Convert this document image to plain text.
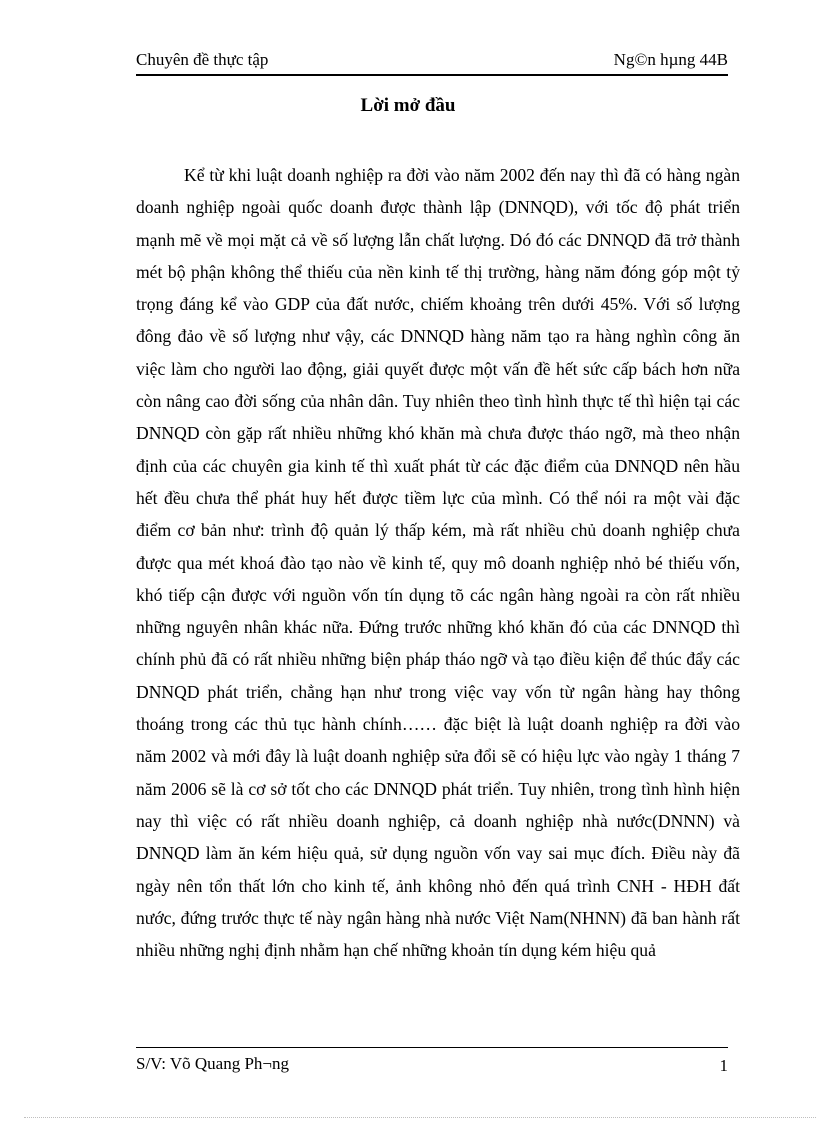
Chuyên đề thực tập	Ng©n hµng 44B
Lời mở đầu

Kể từ khi luật doanh nghiệp ra đời vào năm 2002 đến nay thì đã có hàng ngàn doanh nghiệp ngoài quốc doanh được thành lập (DNNQD), với tốc độ phát triển mạnh mẽ về mọi mặt cả về số lượng lẫn chất lượng. Dó đó các DNNQD đã trở thành mét bộ phận không thể thiếu của nền kinh tế thị trường, hàng năm đóng góp một tỷ trọng đáng kể vào GDP của đất nước, chiếm khoảng trên dưới 45%. Với số lượng đông đảo về số lượng như vậy, các DNNQD hàng năm tạo ra hàng nghìn công ăn việc làm cho người lao động, giải quyết được một vấn đề hết sức cấp bách hơn nữa còn nâng cao đời sống của nhân dân. Tuy nhiên theo tình hình thực tế thì hiện tại các DNNQD còn gặp rất nhiều những khó khăn mà chưa được tháo ngỡ, mà theo nhận định của các chuyên gia kinh tế thì xuất phát từ các đặc điểm của DNNQD nên hầu hết đều chưa thể phát huy hết được tiềm lực của mình. Có thể nói ra một vài đặc điểm cơ bản như: trình độ quản lý thấp kém, mà rất nhiều chủ doanh nghiệp chưa được qua mét khoá đào tạo nào về kinh tế, quy mô doanh nghiệp nhỏ bé thiếu vốn, khó tiếp cận được với nguồn vốn tín dụng tõ các ngân hàng ngoài ra còn rất nhiều những nguyên nhân khác nữa. Đứng trước những khó khăn đó của các DNNQD thì chính phủ đã có rất nhiều những biện pháp tháo ngỡ và tạo điều kiện để thúc đẩy các DNNQD phát triển, chẳng hạn như trong việc vay vốn từ ngân hàng hay thông thoáng trong các thủ tục hành chính…… đặc biệt là luật doanh nghiệp ra đời vào năm 2002 và mới đây là luật doanh nghiệp sửa đổi sẽ có hiệu lực vào ngày 1 tháng 7 năm 2006 sẽ là cơ sở tốt cho các DNNQD phát triển. Tuy nhiên, trong tình hình hiện nay thì việc có rất nhiều doanh nghiệp, cả doanh nghiệp nhà nước(DNNN) và DNNQD làm ăn kém hiệu quả, sử dụng nguồn vốn vay sai mục đích. Điều này đã ngày nên tổn thất lớn cho kinh tế, ảnh không nhỏ đến quá trình CNH - HĐH đất nước, đứng trước thực tế này ngân hàng nhà nước Việt Nam(NHNN) đã ban hành rất nhiều những nghị định nhằm hạn chế những khoản tín dụng kém hiệu quả

S/V: Võ Quang Ph¬ng	1
